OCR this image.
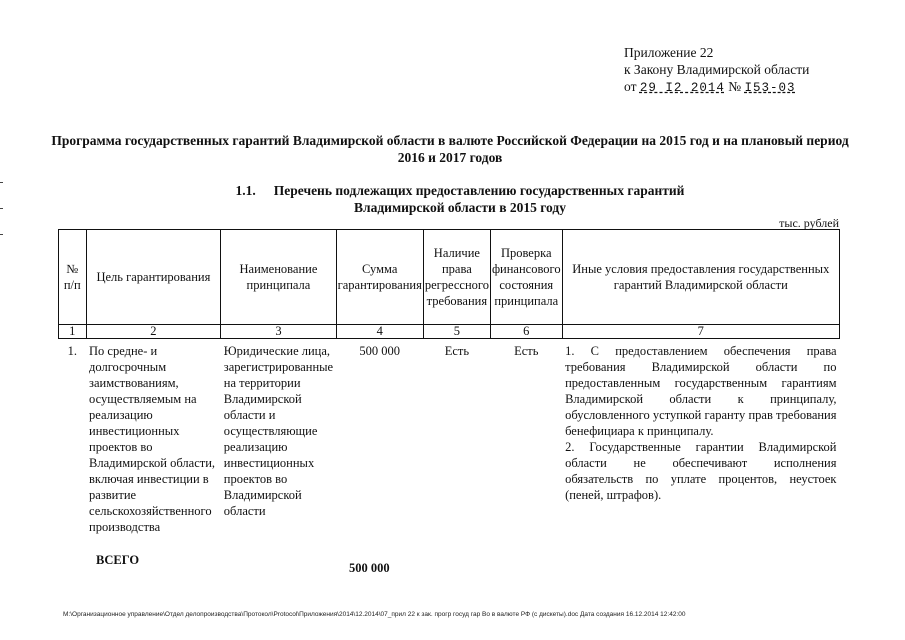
Приложение 22
к Закону Владимирской области
от 29 I2 2014 № I53-03
Программа государственных гарантий Владимирской области в валюте Российской Федерации на 2015 год и на плановый период 2016 и 2017 годов
1.1. Перечень подлежащих предоставлению государственных гарантий
Владимирской области в 2015 году
тыс. рублей
№ п/п	Цель гарантирования	Наименование принципала	Сумма гарантирования	Наличие права регрессного требования	Проверка финансового состояния принципала	Иные условия предоставления государственных гарантий Владимирской области
1	2	3	4	5	6	7
1.	По средне- и долгосрочным заимствованиям, осуществляемым на реализацию инвестиционных проектов во Владимирской области, включая инвестиции в развитие сельскохозяйственного производства	Юридические лица, зарегистрированные на территории Владимирской области и осуществляющие реализацию инвестиционных проектов во Владимирской области	500 000	Есть	Есть	1. С предоставлением обеспечения права требования Владимирской области по предоставленным государственным гарантиям Владимирской области к принципалу, обусловленного уступкой гаранту прав требования бенефициара к принципалу.

2. Государственные гарантии Владимирской области не обеспечивают исполнения обязательств по уплате процентов, неустоек (пеней, штрафов).

ВСЕГО
500 000
M:\Организационное управление\Отдел делопроизводства\Протокол\Protocol\Приложения\2014\12.2014\07_прил 22 к зак. прогр госуд гар Во в валюте РФ (с дискеты).doc Дата создания 16.12.2014 12:42:00
